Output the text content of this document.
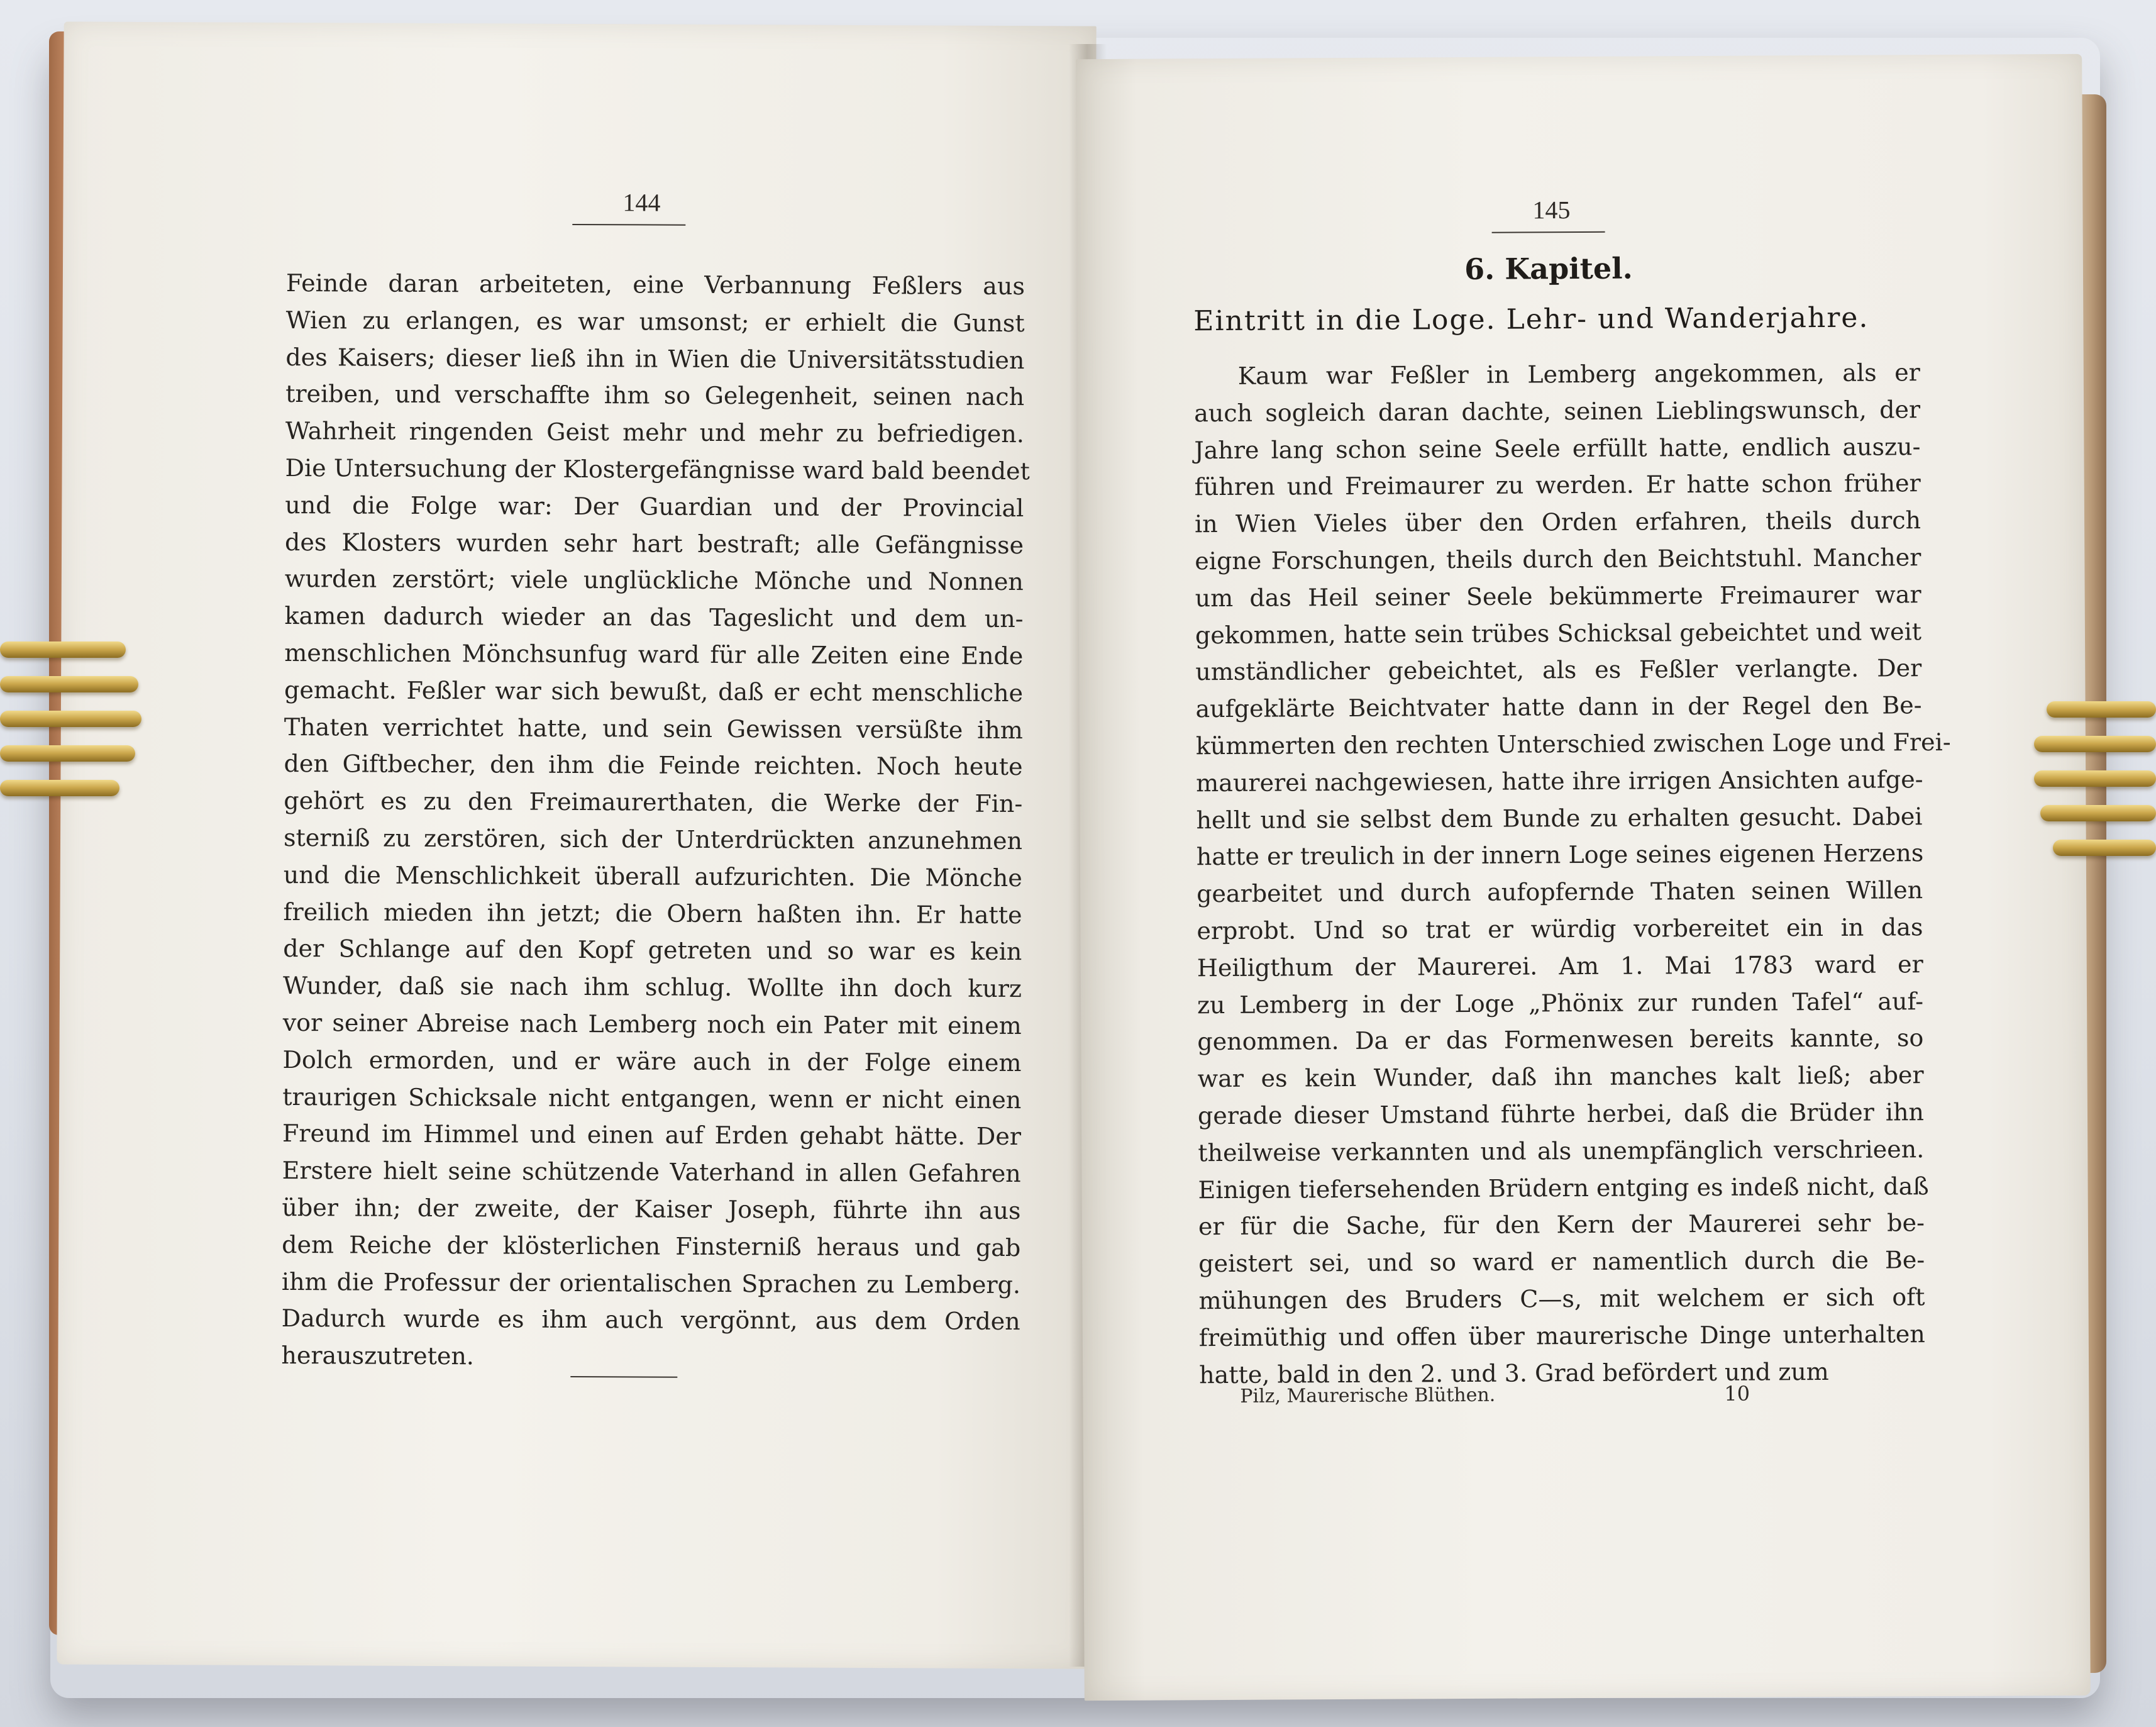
144
Feinde daran arbeiteten, eine Verbannung Feßlers aus
Wien zu erlangen, es war umsonst; er erhielt die Gunst
des Kaisers; dieser ließ ihn in Wien die Universitätsstudien
treiben, und verschaffte ihm so Gelegenheit, seinen nach
Wahrheit ringenden Geist mehr und mehr zu befriedigen.
Die Untersuchung der Klostergefängnisse ward bald beendet
und die Folge war: Der Guardian und der Provincial
des Klosters wurden sehr hart bestraft; alle Gefängnisse
wurden zerstört; viele unglückliche Mönche und Nonnen
kamen dadurch wieder an das Tageslicht und dem un-
menschlichen Mönchsunfug ward für alle Zeiten eine Ende
gemacht. Feßler war sich bewußt, daß er echt menschliche
Thaten verrichtet hatte, und sein Gewissen versüßte ihm
den Giftbecher, den ihm die Feinde reichten. Noch heute
gehört es zu den Freimaurerthaten, die Werke der Fin-
sterniß zu zerstören, sich der Unterdrückten anzunehmen
und die Menschlichkeit überall aufzurichten. Die Mönche
freilich mieden ihn jetzt; die Obern haßten ihn. Er hatte
der Schlange auf den Kopf getreten und so war es kein
Wunder, daß sie nach ihm schlug. Wollte ihn doch kurz
vor seiner Abreise nach Lemberg noch ein Pater mit einem
Dolch ermorden, und er wäre auch in der Folge einem
traurigen Schicksale nicht entgangen, wenn er nicht einen
Freund im Himmel und einen auf Erden gehabt hätte. Der
Erstere hielt seine schützende Vaterhand in allen Gefahren
über ihn; der zweite, der Kaiser Joseph, führte ihn aus
dem Reiche der klösterlichen Finsterniß heraus und gab
ihm die Professur der orientalischen Sprachen zu Lemberg.
Dadurch wurde es ihm auch vergönnt, aus dem Orden
herauszutreten.
145
6. Kapitel.
Eintritt in die Loge. Lehr- und Wanderjahre.
Kaum war Feßler in Lemberg angekommen, als er
auch sogleich daran dachte, seinen Lieblingswunsch, der
Jahre lang schon seine Seele erfüllt hatte, endlich auszu-
führen und Freimaurer zu werden. Er hatte schon früher
in Wien Vieles über den Orden erfahren, theils durch
eigne Forschungen, theils durch den Beichtstuhl. Mancher
um das Heil seiner Seele bekümmerte Freimaurer war
gekommen, hatte sein trübes Schicksal gebeichtet und weit
umständlicher gebeichtet, als es Feßler verlangte. Der
aufgeklärte Beichtvater hatte dann in der Regel den Be-
kümmerten den rechten Unterschied zwischen Loge und Frei-
maurerei nachgewiesen, hatte ihre irrigen Ansichten aufge-
hellt und sie selbst dem Bunde zu erhalten gesucht. Dabei
hatte er treulich in der innern Loge seines eigenen Herzens
gearbeitet und durch aufopfernde Thaten seinen Willen
erprobt. Und so trat er würdig vorbereitet ein in das
Heiligthum der Maurerei. Am 1. Mai 1783 ward er
zu Lemberg in der Loge „Phönix zur runden Tafel“ auf-
genommen. Da er das Formenwesen bereits kannte, so
war es kein Wunder, daß ihn manches kalt ließ; aber
gerade dieser Umstand führte herbei, daß die Brüder ihn
theilweise verkannten und als unempfänglich verschrieen.
Einigen tiefersehenden Brüdern entging es indeß nicht, daß
er für die Sache, für den Kern der Maurerei sehr be-
geistert sei, und so ward er namentlich durch die Be-
mühungen des Bruders C—s, mit welchem er sich oft
freimüthig und offen über maurerische Dinge unterhalten
hatte, bald in den 2. und 3. Grad befördert und zum
Pilz, Maurerische Blüthen.	10
